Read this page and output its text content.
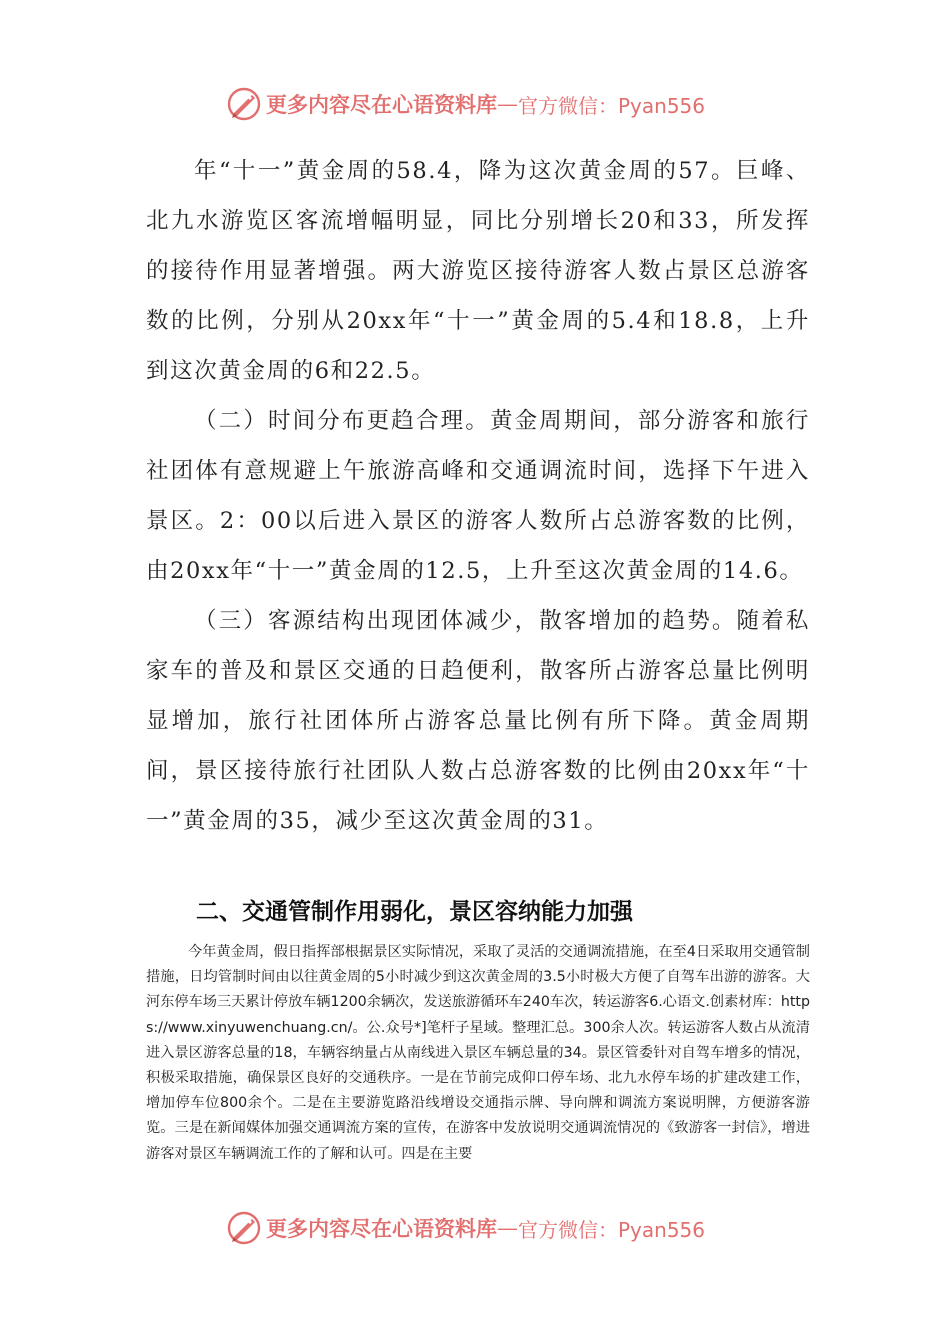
更多内容尽在心语资料库 — 官方微信：Pyan556

年“十一”黄金周的58.4，降为这次黄金周的57。巨峰、北九水游览区客流增幅明显，同比分别增长20和33，所发挥的接待作用显著增强。两大游览区接待游客人数占景区总游客数的比例，分别从20xx年“十一”黄金周的5.4和18.8，上升到这次黄金周的6和22.5。

（二）时间分布更趋合理。黄金周期间，部分游客和旅行社团体有意规避上午旅游高峰和交通调流时间，选择下午进入景区。2：00以后进入景区的游客人数所占总游客数的比例，由20xx年“十一”黄金周的12.5，上升至这次黄金周的14.6。

（三）客源结构出现团体减少，散客增加的趋势。随着私家车的普及和景区交通的日趋便利，散客所占游客总量比例明显增加，旅行社团体所占游客总量比例有所下降。黄金周期间，景区接待旅行社团队人数占总游客数的比例由20xx年“十一”黄金周的35，减少至这次黄金周的31。

二、交通管制作用弱化，景区容纳能力加强

今年黄金周，假日指挥部根据景区实际情况，采取了灵活的交通调流措施，在至4日采取用交通管制措施，日均管制时间由以往黄金周的5小时减少到这次黄金周的3.5小时极大方便了自驾车出游的游客。大河东停车场三天累计停放车辆1200余辆次，发送旅游循环车240车次，转运游客6.心语文.创素材库：https://www.xinyuwenchuang.cn/。公.众号*]笔杆子星域。整理汇总。300余人次。转运游客人数占从流清进入景区游客总量的18，车辆容纳量占从南线进入景区车辆总量的34。景区管委针对自驾车增多的情况，积极采取措施，确保景区良好的交通秩序。一是在节前完成仰口停车场、北九水停车场的扩建改建工作，增加停车位800余个。二是在主要游览路沿线增设交通指示牌、导向牌和调流方案说明牌，方便游客游览。三是在新闻媒体加强交通调流方案的宣传，在游客中发放说明交通调流情况的《致游客一封信》，增进游客对景区车辆调流工作的了解和认可。四是在主要

更多内容尽在心语资料库 — 官方微信：Pyan556
